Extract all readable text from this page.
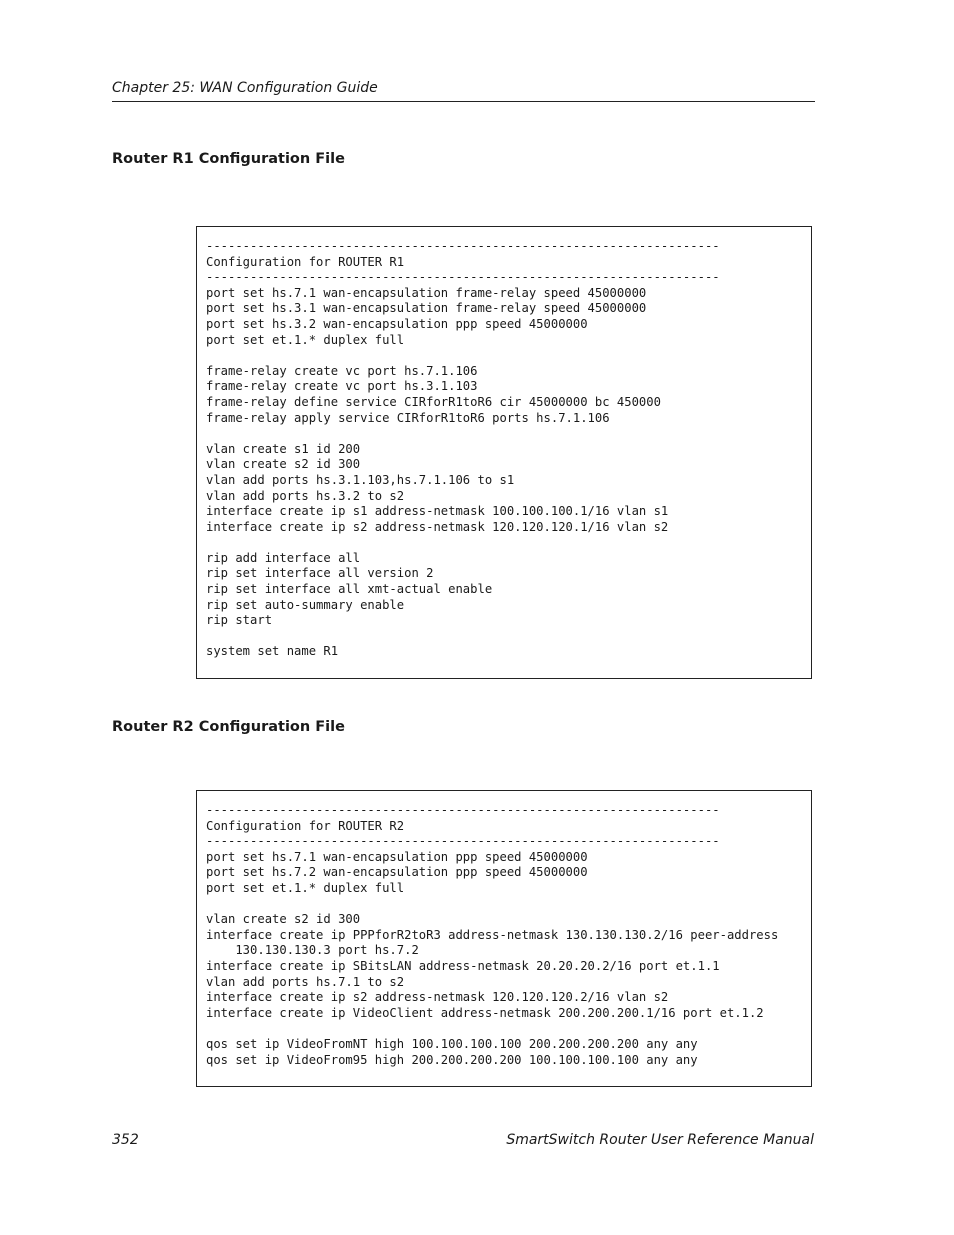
Chapter 25: WAN Configuration Guide
Router R1 Configuration File
----------------------------------------------------------------------
Configuration for ROUTER R1
----------------------------------------------------------------------
port set hs.7.1 wan-encapsulation frame-relay speed 45000000
port set hs.3.1 wan-encapsulation frame-relay speed 45000000
port set hs.3.2 wan-encapsulation ppp speed 45000000
port set et.1.* duplex full

frame-relay create vc port hs.7.1.106
frame-relay create vc port hs.3.1.103
frame-relay define service CIRforR1toR6 cir 45000000 bc 450000
frame-relay apply service CIRforR1toR6 ports hs.7.1.106

vlan create s1 id 200
vlan create s2 id 300
vlan add ports hs.3.1.103,hs.7.1.106 to s1
vlan add ports hs.3.2 to s2
interface create ip s1 address-netmask 100.100.100.1/16 vlan s1
interface create ip s2 address-netmask 120.120.120.1/16 vlan s2

rip add interface all
rip set interface all version 2
rip set interface all xmt-actual enable
rip set auto-summary enable
rip start

system set name R1
Router R2 Configuration File
----------------------------------------------------------------------
Configuration for ROUTER R2
----------------------------------------------------------------------
port set hs.7.1 wan-encapsulation ppp speed 45000000
port set hs.7.2 wan-encapsulation ppp speed 45000000
port set et.1.* duplex full

vlan create s2 id 300
interface create ip PPPforR2toR3 address-netmask 130.130.130.2/16 peer-address
130.130.130.3 port hs.7.2
interface create ip SBitsLAN address-netmask 20.20.20.2/16 port et.1.1
vlan add ports hs.7.1 to s2
interface create ip s2 address-netmask 120.120.120.2/16 vlan s2
interface create ip VideoClient address-netmask 200.200.200.1/16 port et.1.2

qos set ip VideoFromNT high 100.100.100.100 200.200.200.200 any any
qos set ip VideoFrom95 high 200.200.200.200 100.100.100.100 any any
352	SmartSwitch Router User Reference Manual
